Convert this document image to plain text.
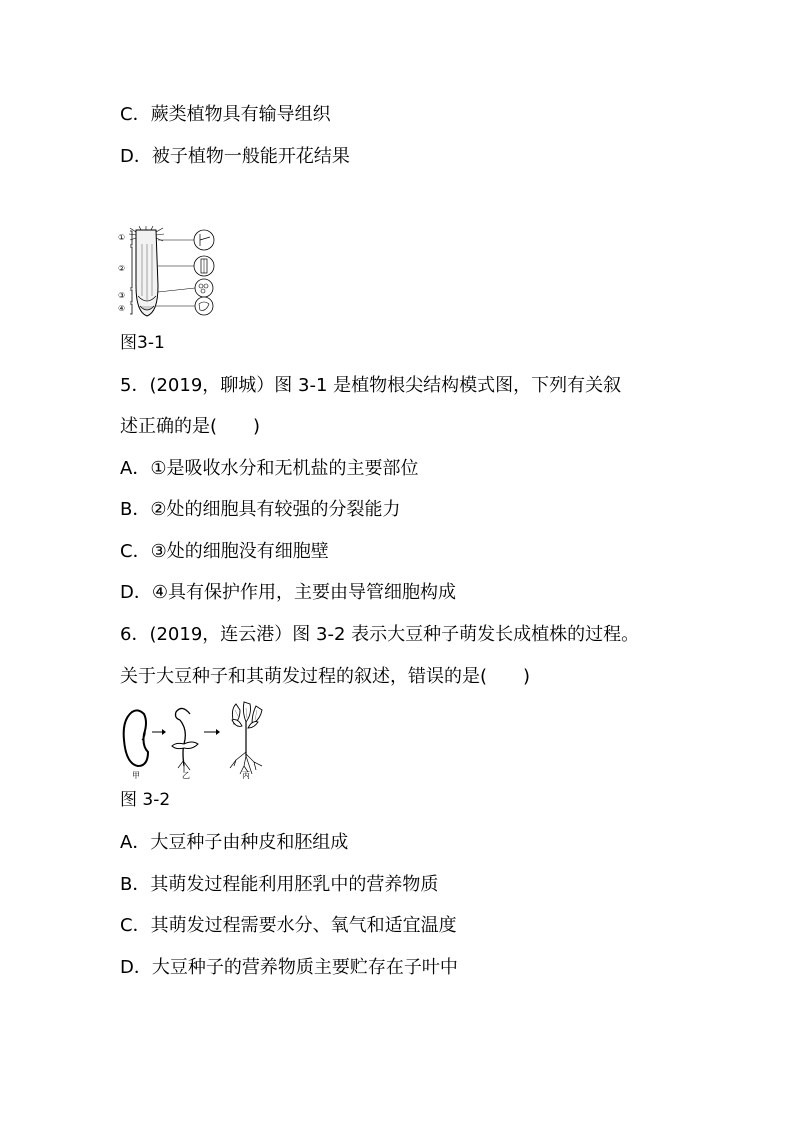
C．蕨类植物具有输导组织
D．被子植物一般能开花结果
①
②
③
④
图3-1
5．(2019，聊城）图 3-1 是植物根尖结构模式图，下列有关叙
述正确的是(　　)
A．①是吸收水分和无机盐的主要部位
B．②处的细胞具有较强的分裂能力
C．③处的细胞没有细胞壁
D．④具有保护作用，主要由导管细胞构成
6．(2019，连云港）图 3-2 表示大豆种子萌发长成植株的过程。
关于大豆种子和其萌发过程的叙述，错误的是(　　)
甲	乙	丙
图 3-2
A．大豆种子由种皮和胚组成
B．其萌发过程能利用胚乳中的营养物质
C．其萌发过程需要水分、氧气和适宜温度
D．大豆种子的营养物质主要贮存在子叶中
